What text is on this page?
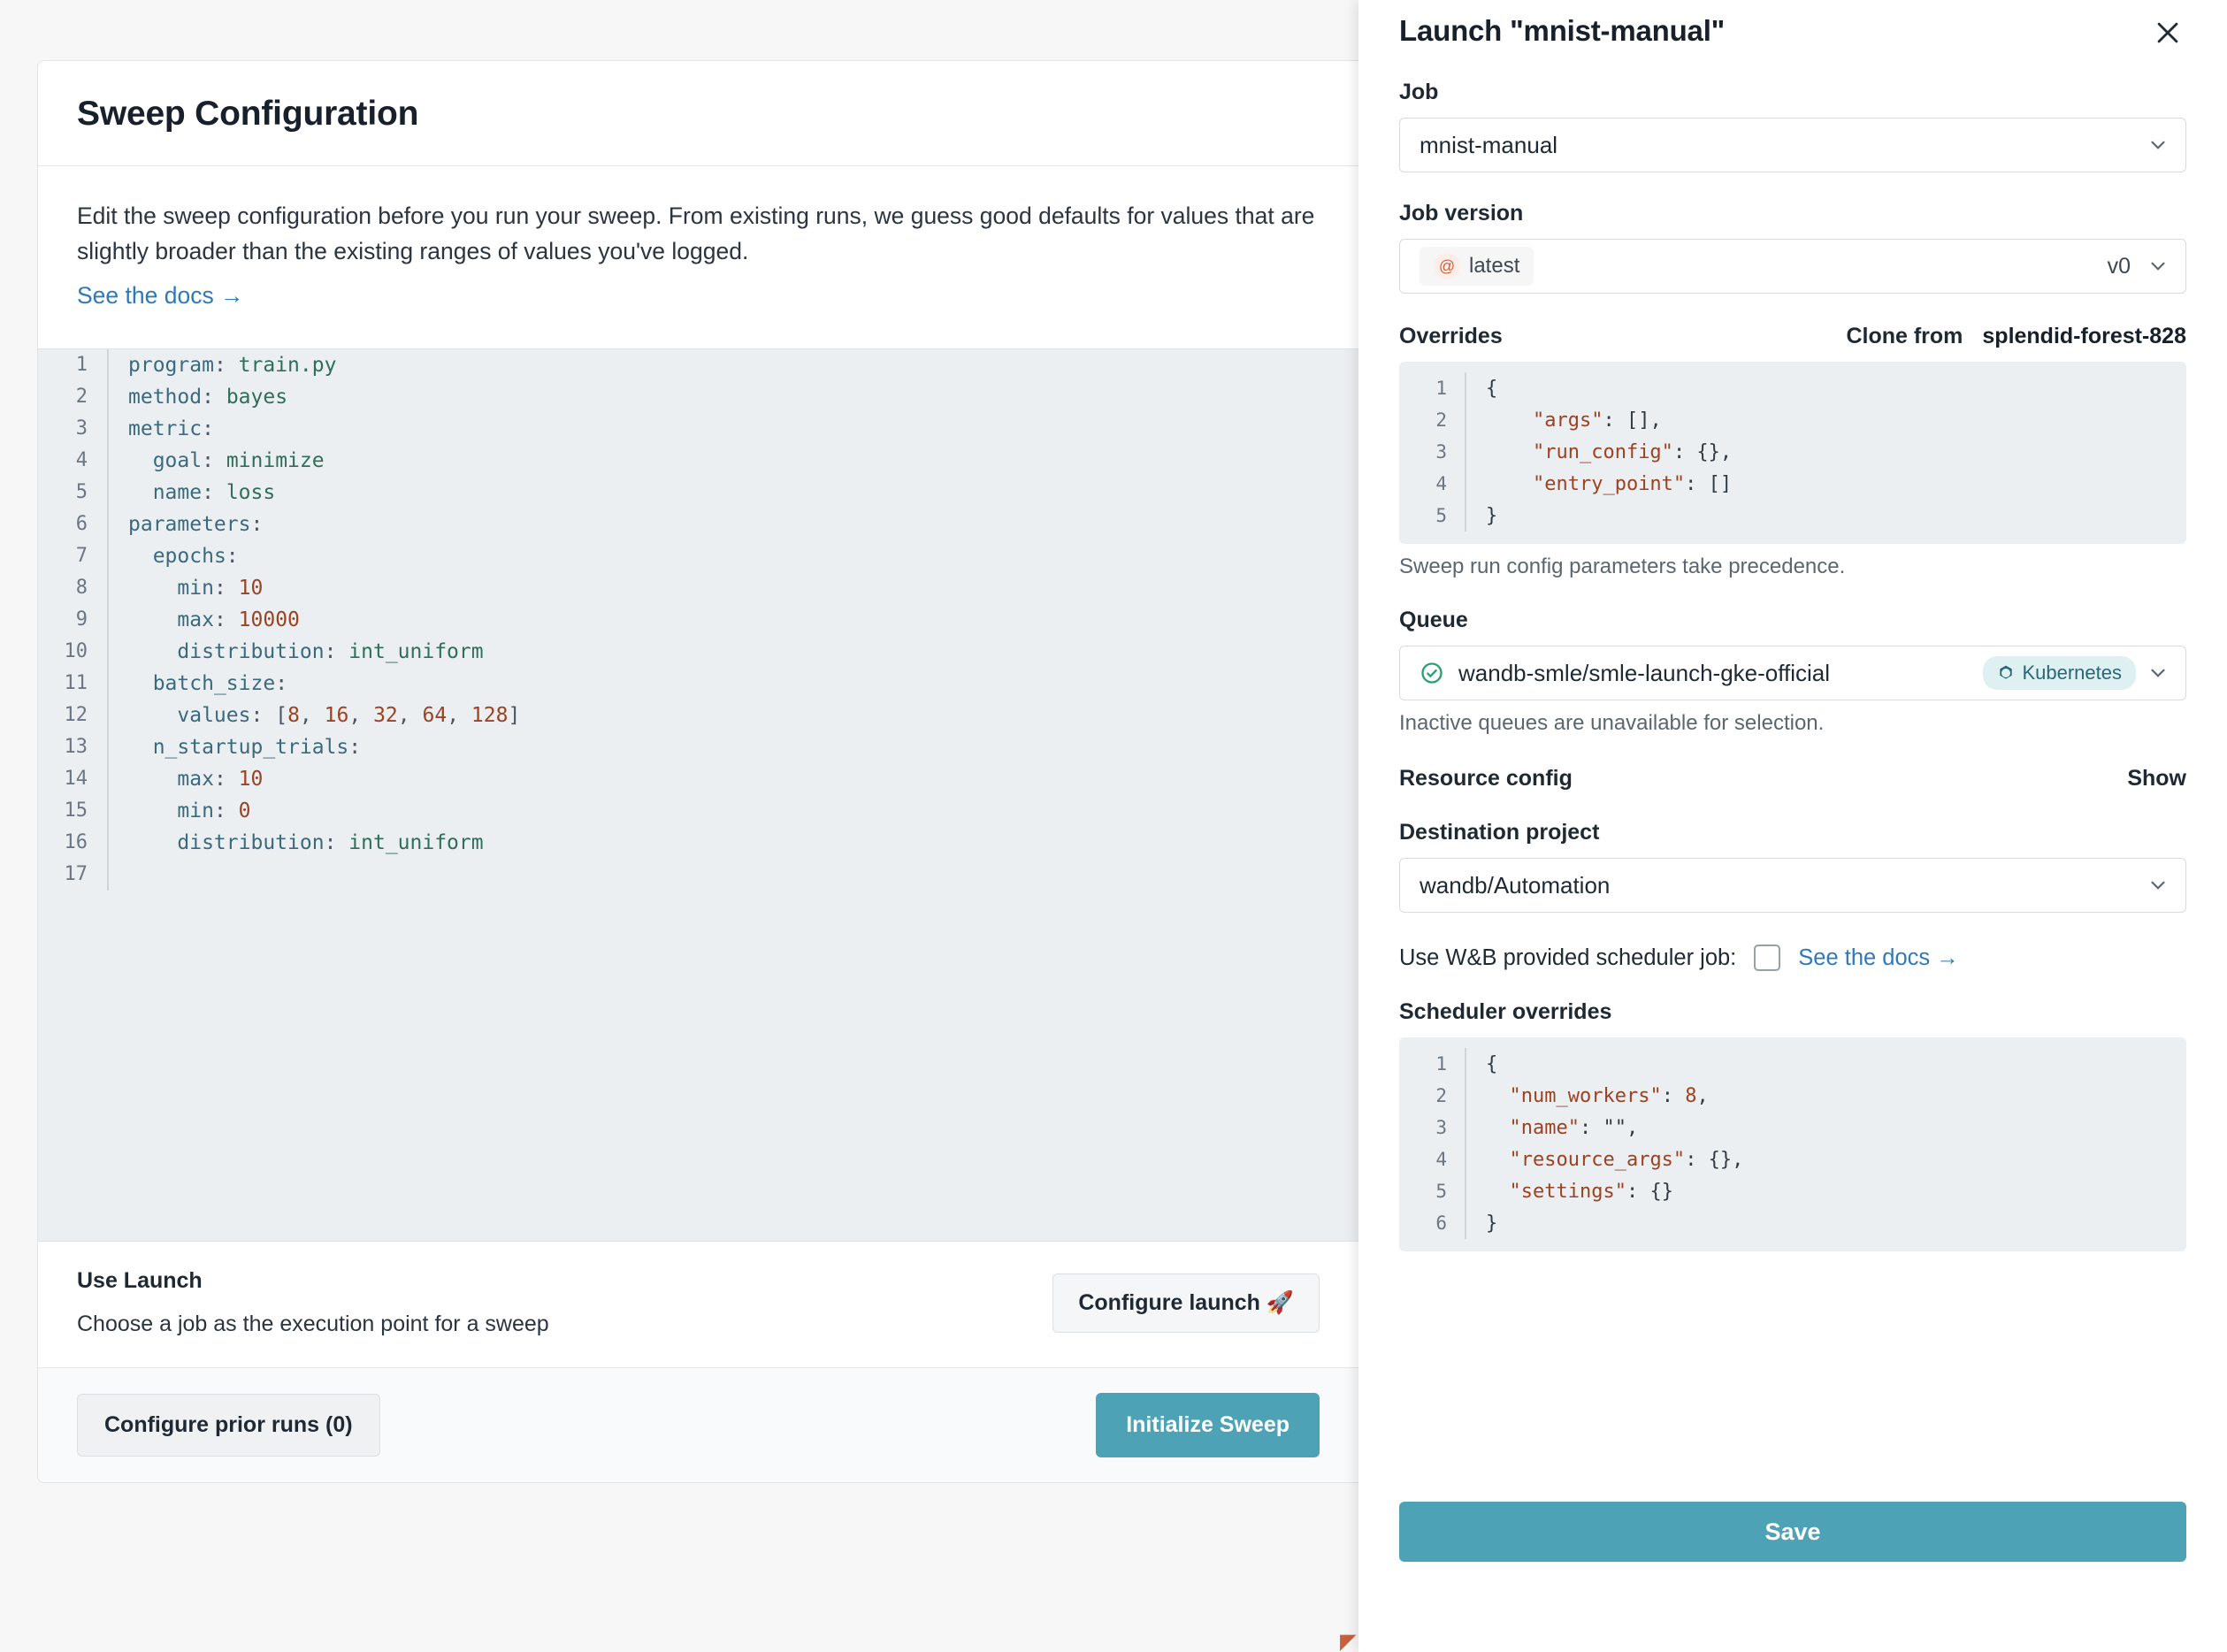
Sweep Configuration
Edit the sweep configuration before you run your sweep. From existing runs, we guess good defaults for values that are slightly broader than the existing ranges of values you've logged.
See the docs →
1	program: train.py
2	method: bayes
3	metric:
4	goal: minimize
5	name: loss
6	parameters:
7	epochs:
8	min: 10
9	max: 10000
10	distribution: int_uniform
11	batch_size:
12	values: [8, 16, 32, 64, 128]
13	n_startup_trials:
14	max: 10
15	min: 0
16	distribution: int_uniform
17
Use Launch
Choose a job as the execution point for a sweep
Configure launch 🚀
Configure prior runs (0)	Initialize Sweep
◤
Launch "mnist-manual"
Job
mnist-manual
Job version
@ latest	v0
Overrides	Clone from splendid-forest-828
1	{
2	"args": [],
3	"run_config": {},
4	"entry_point": []
5	}
Sweep run config parameters take precedence.
Queue
wandb-smle/smle-launch-gke-official	Kubernetes
Inactive queues are unavailable for selection.
Resource config	Show
Destination project
wandb/Automation
Use W&B provided scheduler job:	See the docs →
Scheduler overrides
1	{
2	"num_workers": 8,
3	"name": "",
4	"resource_args": {},
5	"settings": {}
6	}
Save
